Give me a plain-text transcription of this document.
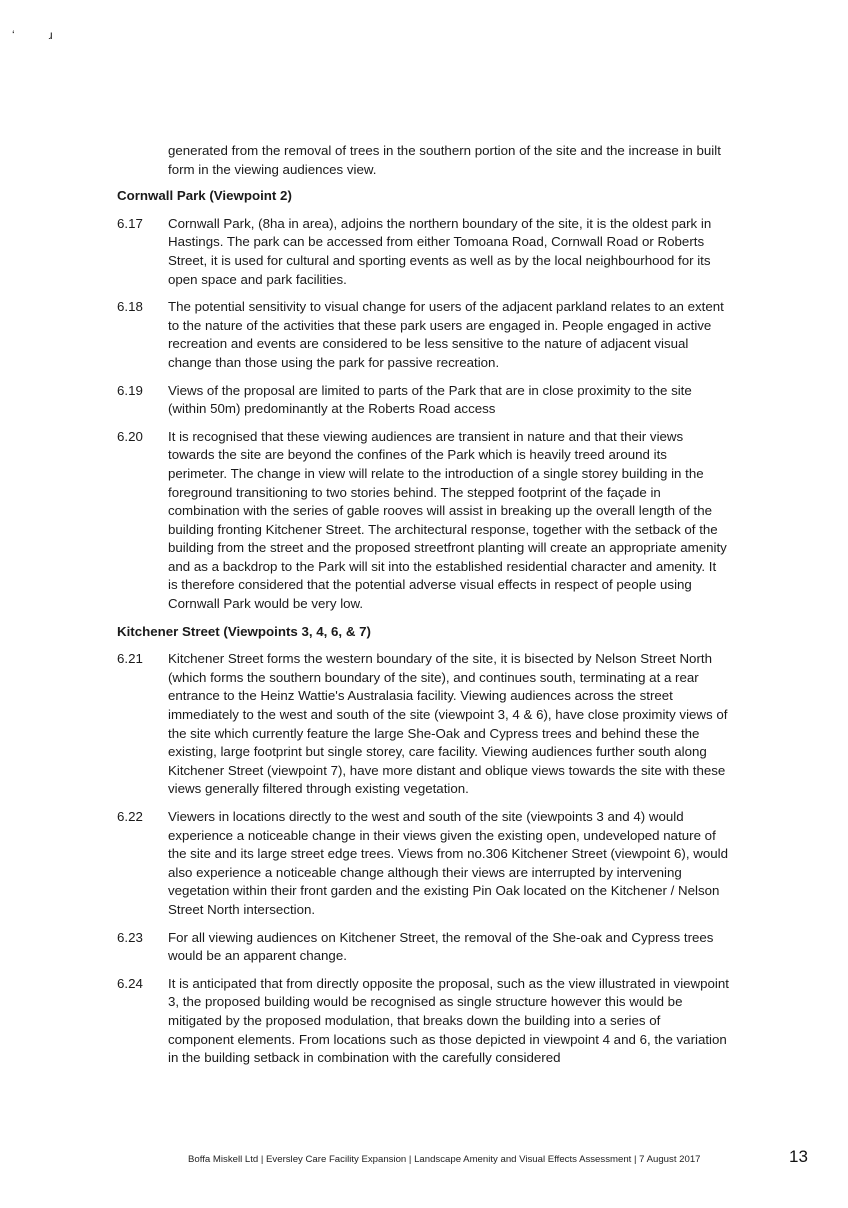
‘	ɹ
generated from the removal of trees in the southern portion of the site and the increase in built form in the viewing audiences view.
Cornwall Park (Viewpoint 2)
6.17	Cornwall Park, (8ha in area), adjoins the northern boundary of the site, it is the oldest park in Hastings. The park can be accessed from either Tomoana Road, Cornwall Road or Roberts Street, it is used for cultural and sporting events as well as by the local neighbourhood for its open space and park facilities.
6.18	The potential sensitivity to visual change for users of the adjacent parkland relates to an extent to the nature of the activities that these park users are engaged in. People engaged in active recreation and events are considered to be less sensitive to the nature of adjacent visual change than those using the park for passive recreation.
6.19	Views of the proposal are limited to parts of the Park that are in close proximity to the site (within 50m) predominantly at the Roberts Road access
6.20	It is recognised that these viewing audiences are transient in nature and that their views towards the site are beyond the confines of the Park which is heavily treed around its perimeter. The change in view will relate to the introduction of a single storey building in the foreground transitioning to two stories behind. The stepped footprint of the façade in combination with the series of gable rooves will assist in breaking up the overall length of the building fronting Kitchener Street. The architectural response, together with the setback of the building from the street and the proposed streetfront planting will create an appropriate amenity and as a backdrop to the Park will sit into the established residential character and amenity. It is therefore considered that the potential adverse visual effects in respect of people using Cornwall Park would be very low.
Kitchener Street (Viewpoints 3, 4, 6, & 7)
6.21	Kitchener Street forms the western boundary of the site, it is bisected by Nelson Street North (which forms the southern boundary of the site), and continues south, terminating at a rear entrance to the Heinz Wattie's Australasia facility. Viewing audiences across the street immediately to the west and south of the site (viewpoint 3, 4 & 6), have close proximity views of the site which currently feature the large She-Oak and Cypress trees and behind these the existing, large footprint but single storey, care facility. Viewing audiences further south along Kitchener Street (viewpoint 7), have more distant and oblique views towards the site with these views generally filtered through existing vegetation.
6.22	Viewers in locations directly to the west and south of the site (viewpoints 3 and 4) would experience a noticeable change in their views given the existing open, undeveloped nature of the site and its large street edge trees. Views from no.306 Kitchener Street (viewpoint 6), would also experience a noticeable change although their views are interrupted by intervening vegetation within their front garden and the existing Pin Oak located on the Kitchener / Nelson Street North intersection.
6.23	For all viewing audiences on Kitchener Street, the removal of the She-oak and Cypress trees would be an apparent change.
6.24	It is anticipated that from directly opposite the proposal, such as the view illustrated in viewpoint 3, the proposed building would be recognised as single structure however this would be mitigated by the proposed modulation, that breaks down the building into a series of component elements. From locations such as those depicted in viewpoint 4 and 6, the variation in the building setback in combination with the carefully considered
Boffa Miskell Ltd | Eversley Care Facility Expansion | Landscape Amenity and Visual Effects Assessment | 7 August 2017	13
